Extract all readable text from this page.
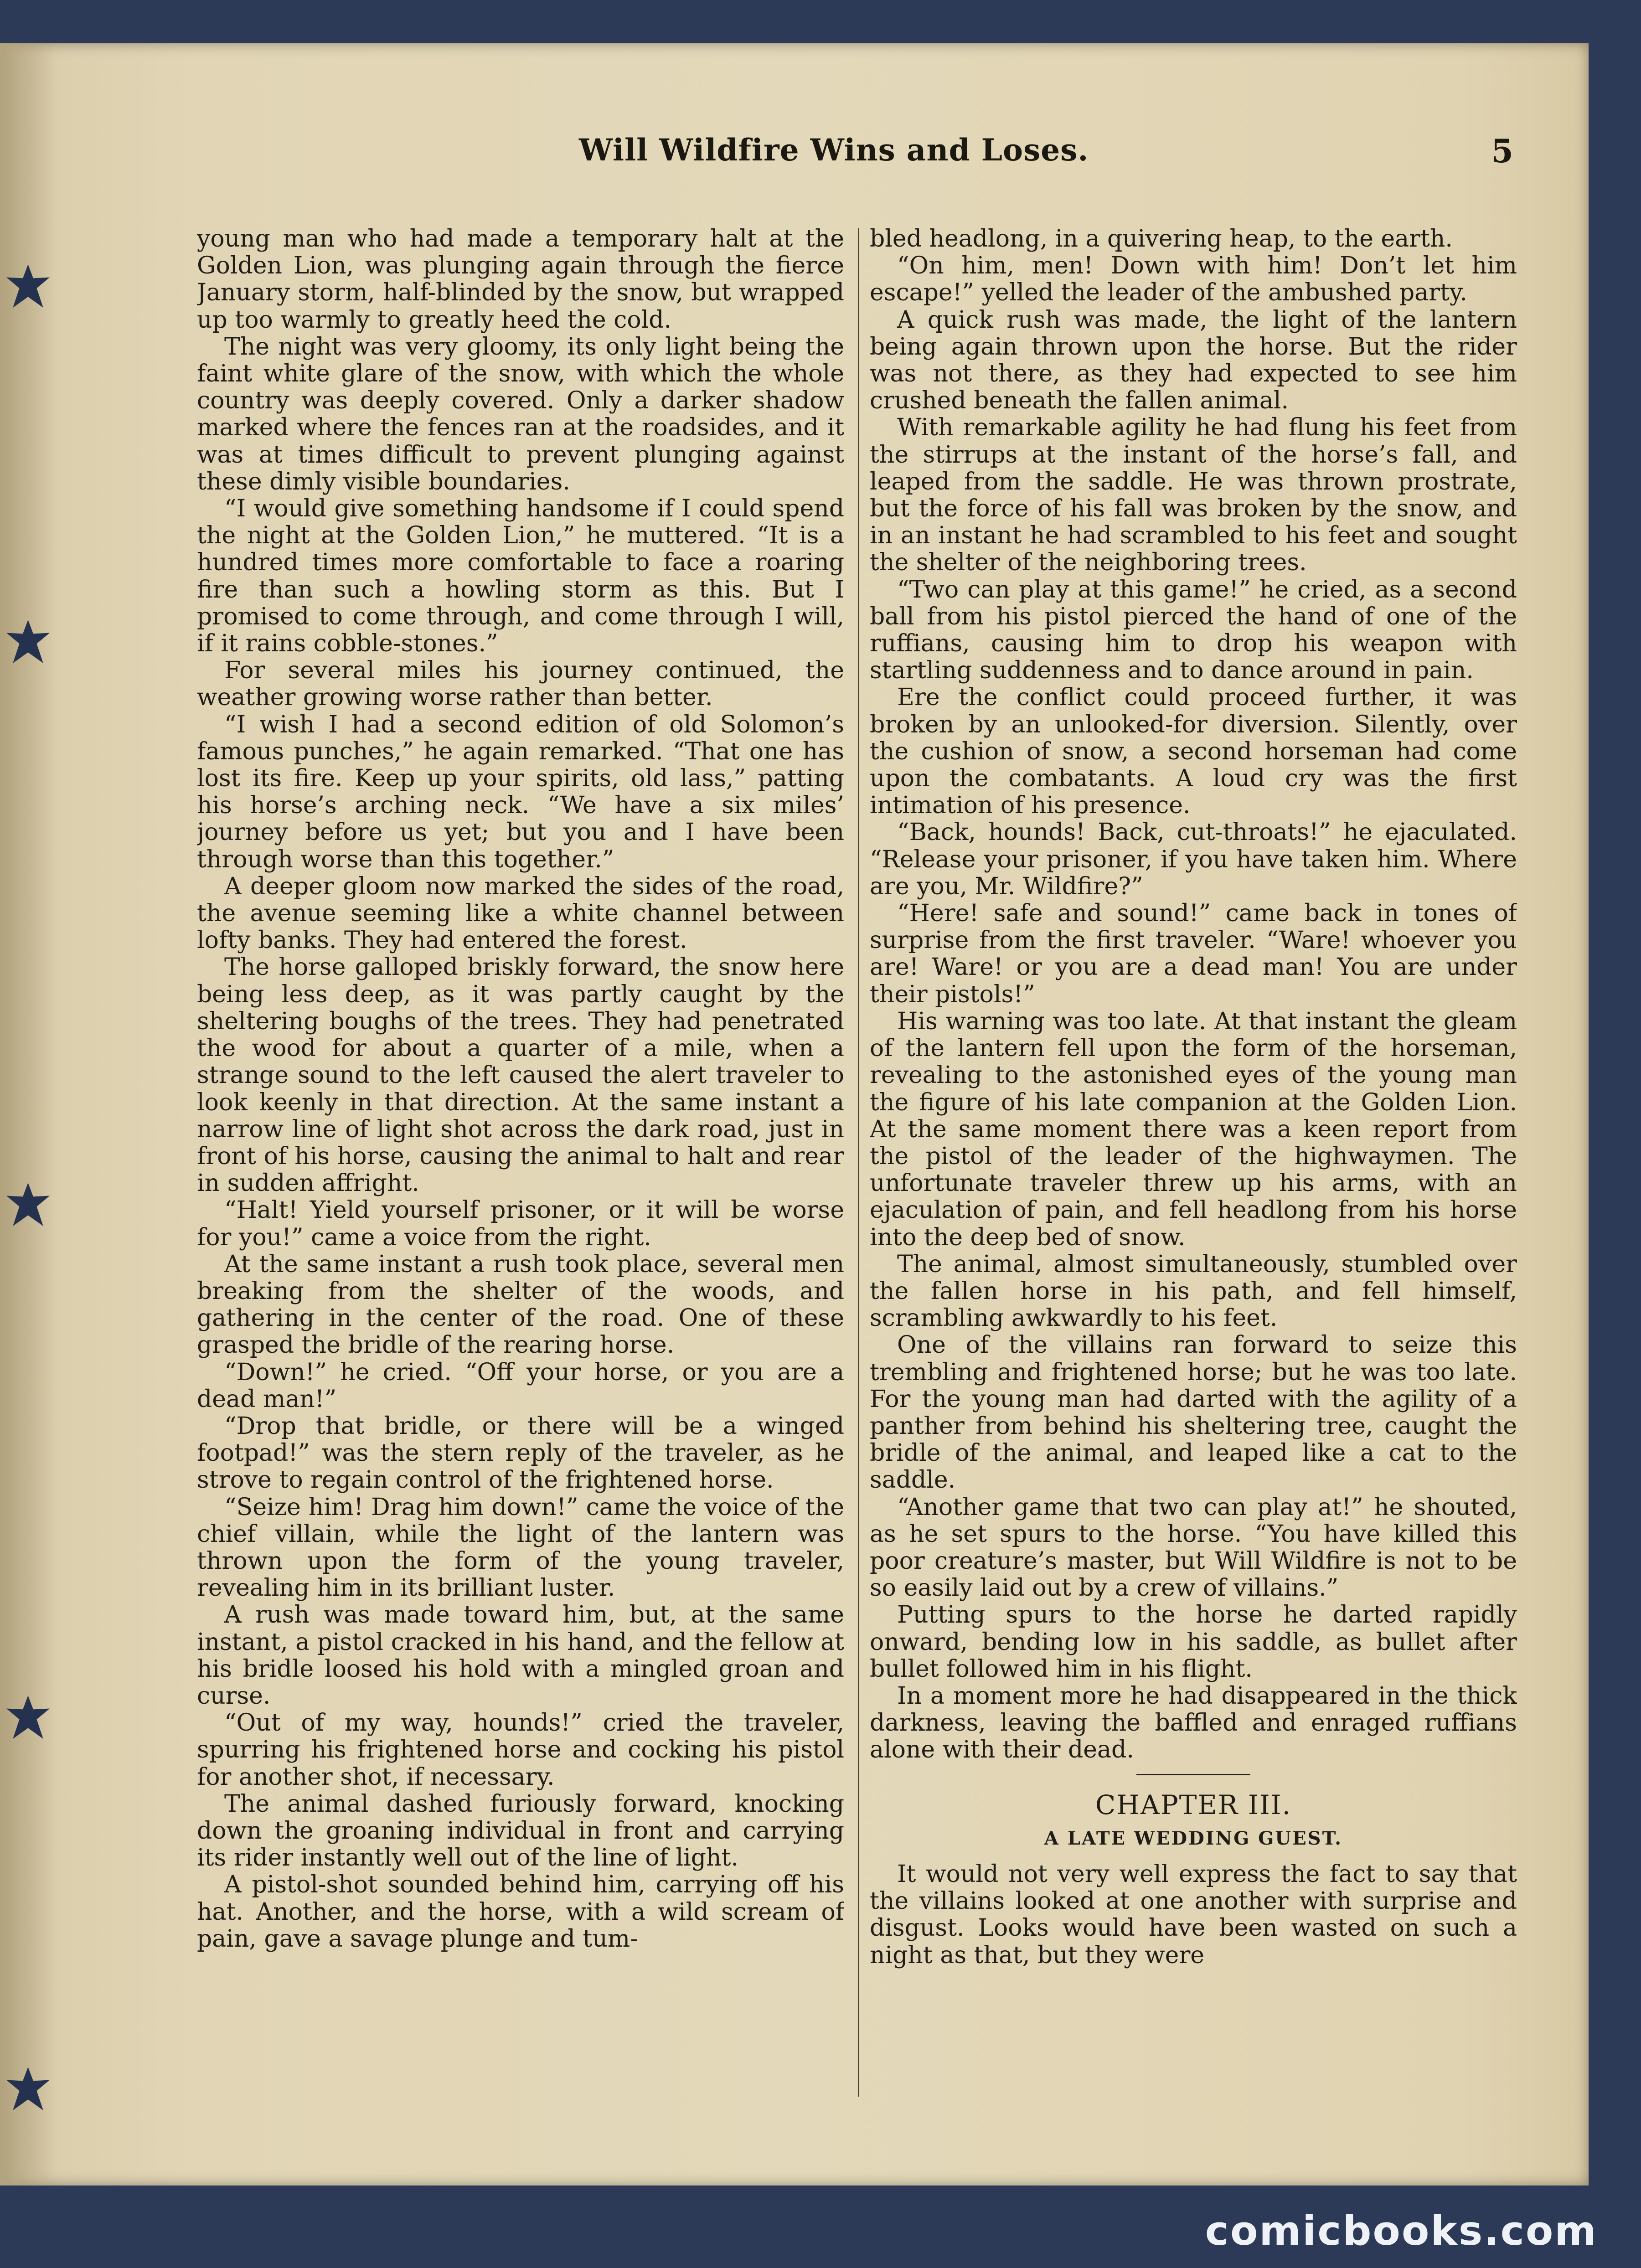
Will Wildfire Wins and Loses.	5

young man who had made a temporary halt at the Golden Lion, was plunging again through the fierce January storm, half-blinded by the snow, but wrapped up too warmly to greatly heed the cold.

The night was very gloomy, its only light being the faint white glare of the snow, with which the whole country was deeply covered. Only a darker shadow marked where the fences ran at the roadsides, and it was at times difficult to prevent plunging against these dimly visible boundaries.

“I would give something handsome if I could spend the night at the Golden Lion,” he muttered. “It is a hundred times more comfortable to face a roaring fire than such a howling storm as this. But I promised to come through, and come through I will, if it rains cobble-stones.”

For several miles his journey continued, the weather growing worse rather than better.

“I wish I had a second edition of old Solomon’s famous punches,” he again remarked. “That one has lost its fire. Keep up your spirits, old lass,” patting his horse’s arching neck. “We have a six miles’ journey before us yet; but you and I have been through worse than this together.”

A deeper gloom now marked the sides of the road, the avenue seeming like a white channel between lofty banks. They had entered the forest.

The horse galloped briskly forward, the snow here being less deep, as it was partly caught by the sheltering boughs of the trees. They had penetrated the wood for about a quarter of a mile, when a strange sound to the left caused the alert traveler to look keenly in that direction. At the same instant a narrow line of light shot across the dark road, just in front of his horse, causing the animal to halt and rear in sudden affright.

“Halt! Yield yourself prisoner, or it will be worse for you!” came a voice from the right.

At the same instant a rush took place, several men breaking from the shelter of the woods, and gathering in the center of the road. One of these grasped the bridle of the rearing horse.

“Down!” he cried. “Off your horse, or you are a dead man!”

“Drop that bridle, or there will be a winged footpad!” was the stern reply of the traveler, as he strove to regain control of the frightened horse.

“Seize him! Drag him down!” came the voice of the chief villain, while the light of the lantern was thrown upon the form of the young traveler, revealing him in its brilliant luster.

A rush was made toward him, but, at the same instant, a pistol cracked in his hand, and the fellow at his bridle loosed his hold with a mingled groan and curse.

“Out of my way, hounds!” cried the traveler, spurring his frightened horse and cocking his pistol for another shot, if necessary.

The animal dashed furiously forward, knocking down the groaning individual in front and carrying its rider instantly well out of the line of light.

A pistol-shot sounded behind him, carrying off his hat. Another, and the horse, with a wild scream of pain, gave a savage plunge and tum-

bled headlong, in a quivering heap, to the earth.

“On him, men! Down with him! Don’t let him escape!” yelled the leader of the ambushed party.

A quick rush was made, the light of the lantern being again thrown upon the horse. But the rider was not there, as they had expected to see him crushed beneath the fallen animal.

With remarkable agility he had flung his feet from the stirrups at the instant of the horse’s fall, and leaped from the saddle. He was thrown prostrate, but the force of his fall was broken by the snow, and in an instant he had scrambled to his feet and sought the shelter of the neighboring trees.

“Two can play at this game!” he cried, as a second ball from his pistol pierced the hand of one of the ruffians, causing him to drop his weapon with startling suddenness and to dance around in pain.

Ere the conflict could proceed further, it was broken by an unlooked-for diversion. Silently, over the cushion of snow, a second horseman had come upon the combatants. A loud cry was the first intimation of his presence.

“Back, hounds! Back, cut-throats!” he ejaculated. “Release your prisoner, if you have taken him. Where are you, Mr. Wildfire?”

“Here! safe and sound!” came back in tones of surprise from the first traveler. “Ware! whoever you are! Ware! or you are a dead man! You are under their pistols!”

His warning was too late. At that instant the gleam of the lantern fell upon the form of the horseman, revealing to the astonished eyes of the young man the figure of his late companion at the Golden Lion. At the same moment there was a keen report from the pistol of the leader of the highwaymen. The unfortunate traveler threw up his arms, with an ejaculation of pain, and fell headlong from his horse into the deep bed of snow.

The animal, almost simultaneously, stumbled over the fallen horse in his path, and fell himself, scrambling awkwardly to his feet.

One of the villains ran forward to seize this trembling and frightened horse; but he was too late. For the young man had darted with the agility of a panther from behind his sheltering tree, caught the bridle of the animal, and leaped like a cat to the saddle.

“Another game that two can play at!” he shouted, as he set spurs to the horse. “You have killed this poor creature’s master, but Will Wildfire is not to be so easily laid out by a crew of villains.”

Putting spurs to the horse he darted rapidly onward, bending low in his saddle, as bullet after bullet followed him in his flight.

In a moment more he had disappeared in the thick darkness, leaving the baffled and enraged ruffians alone with their dead.

CHAPTER III.
A LATE WEDDING GUEST.

It would not very well express the fact to say that the villains looked at one another with surprise and disgust. Looks would have been wasted on such a night as that, but they were

comicbooks.com
